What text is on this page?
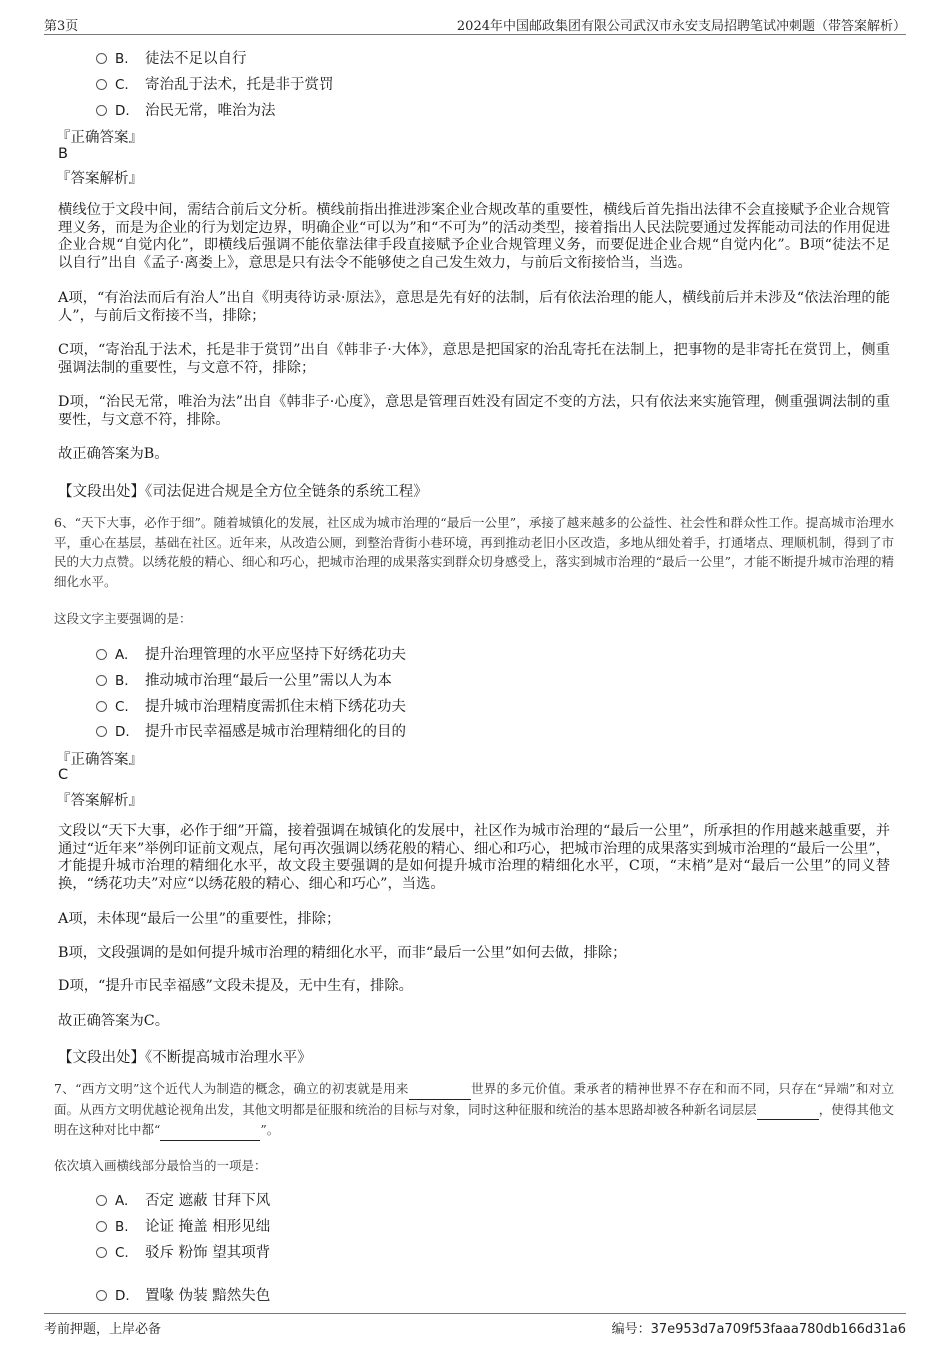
第3页	2024年中国邮政集团有限公司武汉市永安支局招聘笔试冲刺题（带答案解析）
B. 徒法不足以自行
C. 寄治乱于法术，托是非于赏罚
D. 治民无常，唯治为法
『正确答案』
B
『答案解析』
横线位于文段中间，需结合前后文分析。横线前指出推进涉案企业合规改革的重要性，横线后首先指出法律不会直接赋予企业合规管理义务，而是为企业的行为划定边界，明确企业“可以为”和“不可为”的活动类型，接着指出人民法院要通过发挥能动司法的作用促进企业合规“自觉内化”，即横线后强调不能依靠法律手段直接赋予企业合规管理义务，而要促进企业合规“自觉内化”。B项“徒法不足以自行”出自《孟子·离娄上》，意思是只有法令不能够使之自己发生效力，与前后文衔接恰当，当选。
A项，“有治法而后有治人”出自《明夷待访录·原法》，意思是先有好的法制，后有依法治理的能人，横线前后并未涉及“依法治理的能人”，与前后文衔接不当，排除；
C项，“寄治乱于法术，托是非于赏罚”出自《韩非子·大体》，意思是把国家的治乱寄托在法制上，把事物的是非寄托在赏罚上，侧重强调法制的重要性，与文意不符，排除；
D项，“治民无常，唯治为法”出自《韩非子·心度》，意思是管理百姓没有固定不变的方法，只有依法来实施管理，侧重强调法制的重要性，与文意不符，排除。
故正确答案为B。
【文段出处】《司法促进合规是全方位全链条的系统工程》
6、“天下大事，必作于细”。随着城镇化的发展，社区成为城市治理的“最后一公里”，承接了越来越多的公益性、社会性和群众性工作。提高城市治理水平，重心在基层，基础在社区。近年来，从改造公厕，到整治背街小巷环境，再到推动老旧小区改造，多地从细处着手，打通堵点、理顺机制，得到了市民的大力点赞。以绣花般的精心、细心和巧心，把城市治理的成果落实到群众切身感受上，落实到城市治理的“最后一公里”，才能不断提升城市治理的精细化水平。
这段文字主要强调的是：
A. 提升治理管理的水平应坚持下好绣花功夫
B. 推动城市治理“最后一公里”需以人为本
C. 提升城市治理精度需抓住末梢下绣花功夫
D. 提升市民幸福感是城市治理精细化的目的
『正确答案』
C
『答案解析』
文段以“天下大事，必作于细”开篇，接着强调在城镇化的发展中，社区作为城市治理的“最后一公里”，所承担的作用越来越重要，并通过“近年来”举例印证前文观点，尾句再次强调以绣花般的精心、细心和巧心，把城市治理的成果落实到城市治理的“最后一公里”，才能提升城市治理的精细化水平，故文段主要强调的是如何提升城市治理的精细化水平，C项，“末梢”是对“最后一公里”的同义替换，“绣花功夫”对应“以绣花般的精心、细心和巧心”，当选。
A项，未体现“最后一公里”的重要性，排除；
B项，文段强调的是如何提升城市治理的精细化水平，而非“最后一公里”如何去做，排除；
D项，“提升市民幸福感”文段未提及，无中生有，排除。
故正确答案为C。
【文段出处】《不断提高城市治理水平》
7、“西方文明”这个近代人为制造的概念，确立的初衷就是用来	世界的多元价值。秉承者的精神世界不存在和而不同，只存在“异端”和对立面。从西方文明优越论视角出发，其他文明都是征服和统治的目标与对象，同时这种征服和统治的基本思路却被各种新名词层层	，使得其他文明在这种对比中都“	”。
依次填入画横线部分最恰当的一项是：
A. 否定 遮蔽 甘拜下风
B. 论证 掩盖 相形见绌
C. 驳斥 粉饰 望其项背
D. 置喙 伪装 黯然失色
考前押题，上岸必备	编号：37e953d7a709f53faaa780db166d31a6
